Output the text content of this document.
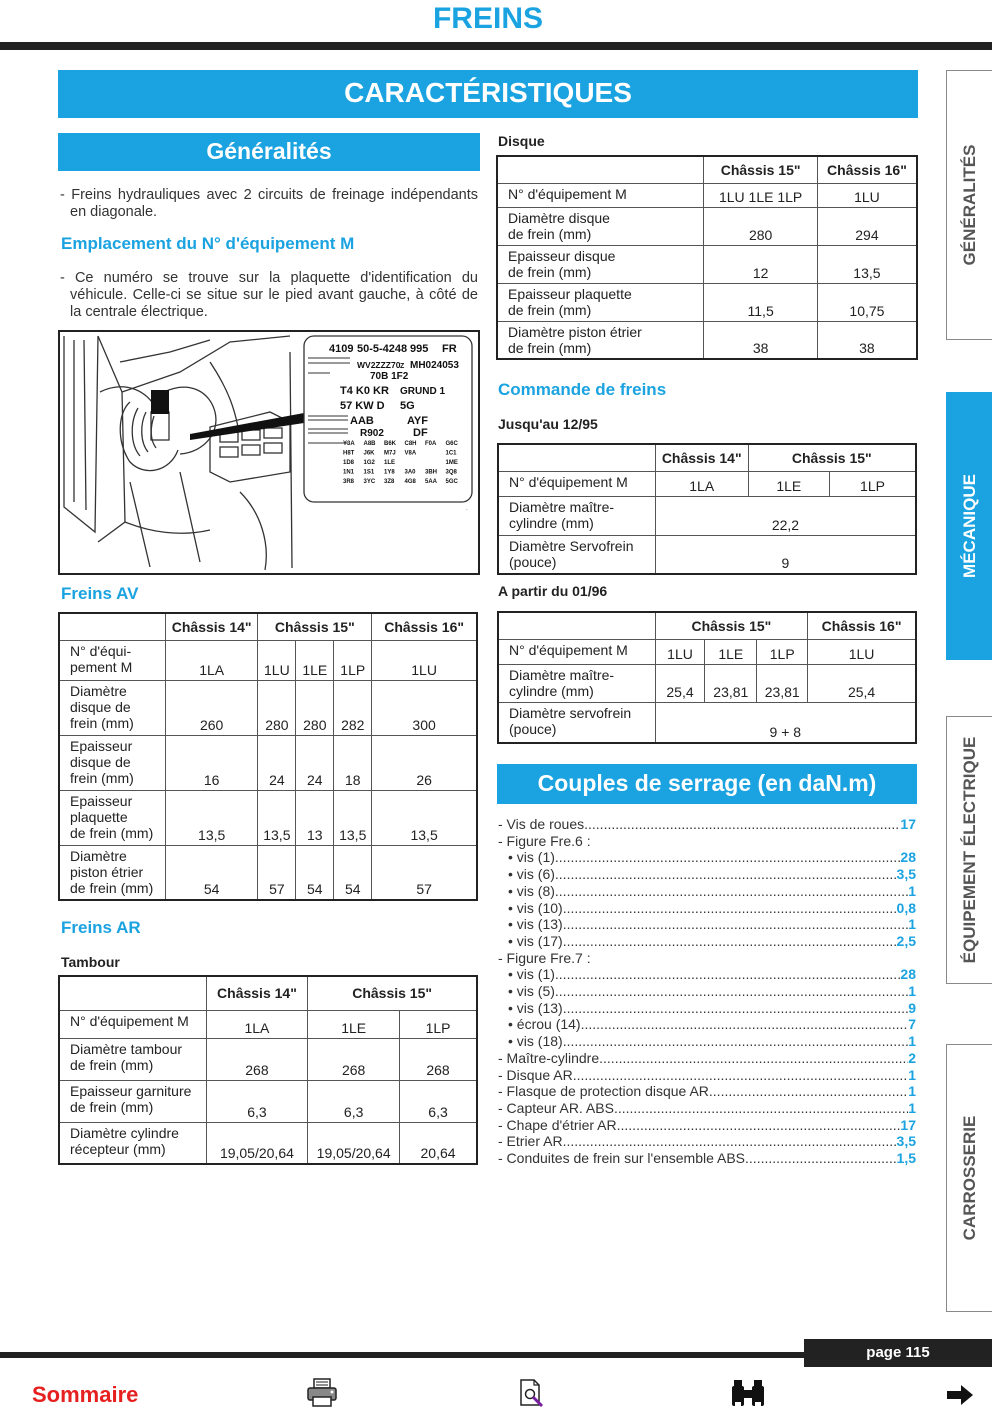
FREINS
CARACTÉRISTIQUES
Généralités

- Freins hydrauliques avec 2 circuits de freinage indépendants en diagonale.

Emplacement du N° d'équipement M

- Ce numéro se trouve sur la plaquette d'identification du véhicule. Celle-ci se situe sur le pied avant gauche, à côté de la centrale électrique.

4109 50-5-4248 995 FR
WV2ZZZ70 Z MH024053
70B 1F2
T4 K0 KR GRUND 1
57 KW D 5G
AAB	AYF
R902	DF
Y3A A8B B6K C8H F0A G6C
H8T J6K M7J V8A	1C1
1D8 1G2 1LE	1ME
1N1 1S1 1Y8 3A0 3BH 3Q8
3R8 3YC 3Z8 4G8 5AA 5GC
.
Freins AV
	Châssis 14"	Châssis 15"			Châssis 16"
N° d'équi-
pement M	1LA	1LU	1LE	1LP	1LU
Diamètre
disque de
frein (mm)	260	280	280	282	300
Epaisseur
disque de
frein (mm)	16	24	24	18	26
Epaisseur
plaquette
de frein (mm)	13,5	13,5	13	13,5	13,5
Diamètre
piston étrier
de frein (mm)	54	57	54	54	57
Freins AR
Tambour
	Châssis 14"	Châssis 15"	
N° d'équipement M	1LA	1LE	1LP
Diamètre tambour
de frein (mm)	268	268	268
Epaisseur garniture
de frein (mm)	6,3	6,3	6,3
Diamètre cylindre
récepteur (mm)	19,05/20,64	19,05/20,64	20,64
Disque
	Châssis 15"	Châssis 16"
N° d'équipement M	1LU 1LE 1LP	1LU
Diamètre disque
de frein (mm)	280	294
Epaisseur disque
de frein (mm)	12	13,5
Epaisseur plaquette
de frein (mm)	11,5	10,75
Diamètre piston étrier
de frein (mm)	38	38
Commande de freins
Jusqu'au 12/95
	Châssis 14"	Châssis 15"	
N° d'équipement M	1LA	1LE	1LP
Diamètre maître-
cylindre (mm)	22,2		
Diamètre Servofrein
(pouce)	9		
A partir du 01/96
	Châssis 15"			Châssis 16"
N° d'équipement M	1LU	1LE	1LP	1LU
Diamètre maître-
cylindre (mm)	25,4	23,81	23,81	25,4
Diamètre servofrein
(pouce)	9 + 8			
Couples de serrage (en daN.m)
- Vis de roues .....	17
- Figure Fre.6 :
• vis (1) .....	28
• vis (6) .....	3,5
• vis (8) .....	1
• vis (10) .....	0,8
• vis (13) .....	1
• vis (17) .....	2,5
- Figure Fre.7 :
• vis (1) .....	28
• vis (5) .....	1
• vis (13) .....	9
• écrou (14) .....	7
• vis (18) .....	1
- Maître-cylindre .....	2
- Disque AR. .....	1
- Flasque de protection disque AR. .....	1
- Capteur AR. ABS .....	1
- Chape d'étrier AR. .....	17
- Etrier AR .....	3,5
- Conduites de frein sur l'ensemble ABS .....	1,5
GÉNÉRALITÉS
MÉCANIQUE
ÉQUIPEMENT ÉLECTRIQUE
CARROSSERIE
page 115
Sommaire
